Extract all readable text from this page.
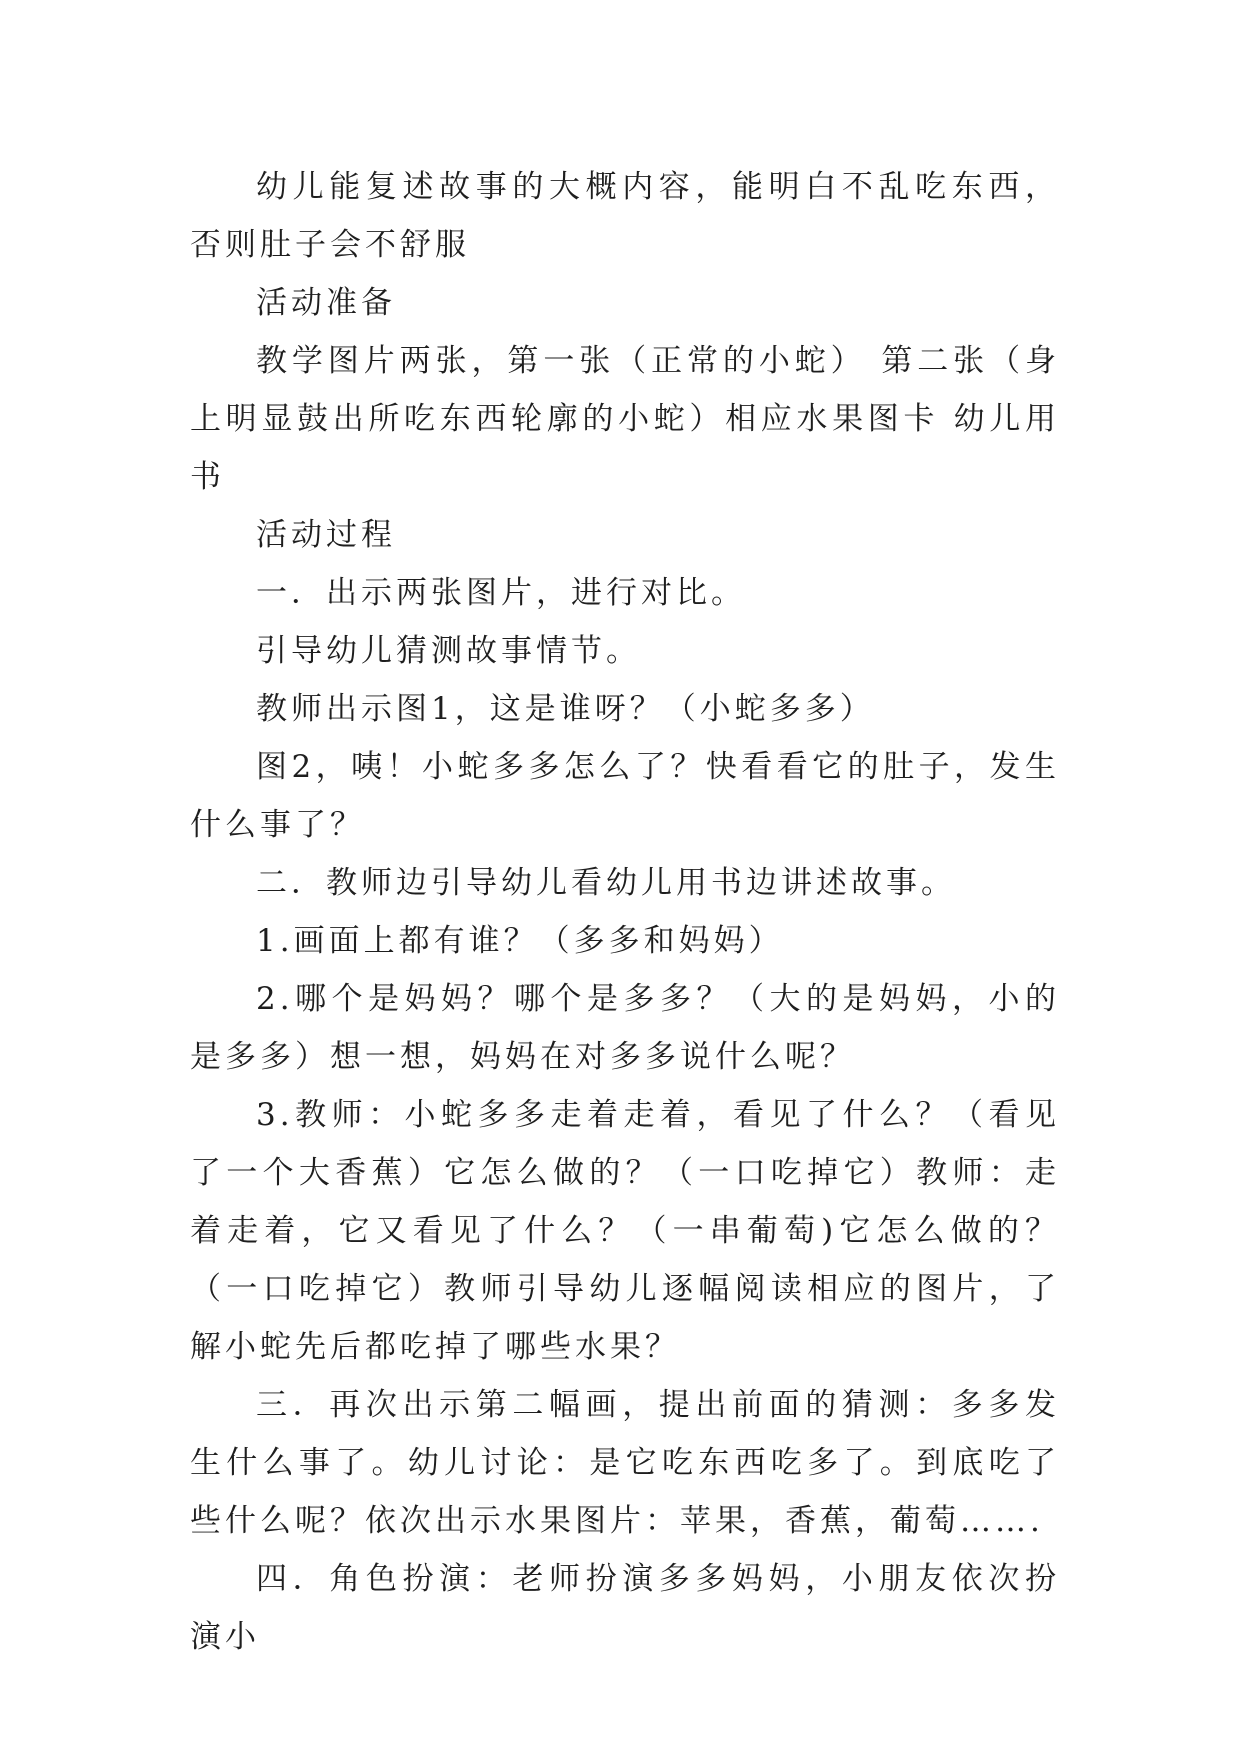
幼儿能复述故事的大概内容，能明白不乱吃东西，否则肚子会不舒服

活动准备

教学图片两张，第一张（正常的小蛇） 第二张（身上明显鼓出所吃东西轮廓的小蛇）相应水果图卡 幼儿用书

活动过程

一．出示两张图片，进行对比。

引导幼儿猜测故事情节。

教师出示图1，这是谁呀？（小蛇多多）

图2，咦！小蛇多多怎么了？快看看它的肚子，发生什么事了？

二．教师边引导幼儿看幼儿用书边讲述故事。

1.画面上都有谁？（多多和妈妈）

2.哪个是妈妈？哪个是多多？（大的是妈妈，小的是多多）想一想，妈妈在对多多说什么呢？

3.教师：小蛇多多走着走着，看见了什么？（看见了一个大香蕉）它怎么做的？（一口吃掉它）教师：走着走着，它又看见了什么？（一串葡萄)它怎么做的？（一口吃掉它）教师引导幼儿逐幅阅读相应的图片，了解小蛇先后都吃掉了哪些水果？

三．再次出示第二幅画，提出前面的猜测：多多发生什么事了。幼儿讨论：是它吃东西吃多了。到底吃了些什么呢？依次出示水果图片：苹果，香蕉，葡萄…….

四．角色扮演：老师扮演多多妈妈，小朋友依次扮演小
